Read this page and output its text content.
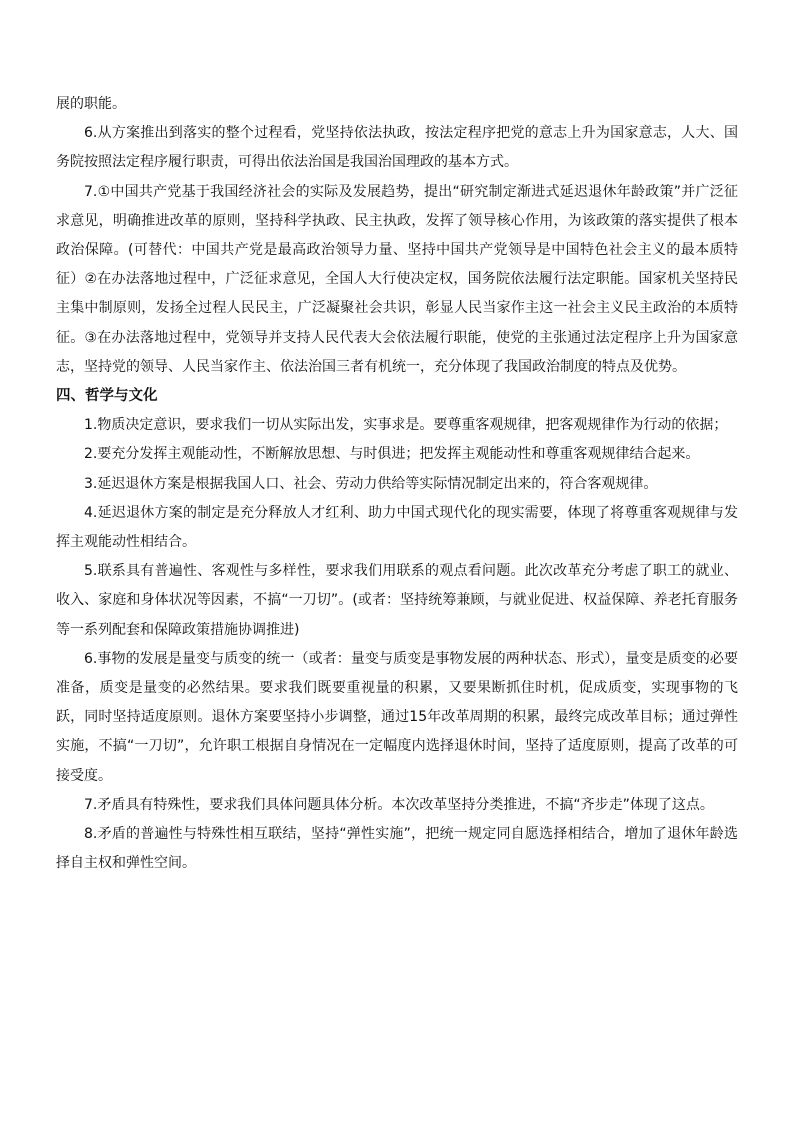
展的职能。

6.从方案推出到落实的整个过程看，党坚持依法执政，按法定程序把党的意志上升为国家意志，人大、国务院按照法定程序履行职责，可得出依法治国是我国治国理政的基本方式。

7.①中国共产党基于我国经济社会的实际及发展趋势，提出“研究制定渐进式延迟退休年龄政策”并广泛征求意见，明确推进改革的原则，坚持科学执政、民主执政，发挥了领导核心作用，为该政策的落实提供了根本政治保障。(可替代：中国共产党是最高政治领导力量、坚持中国共产党领导是中国特色社会主义的最本质特征）②在办法落地过程中，广泛征求意见，全国人大行使决定权，国务院依法履行法定职能。国家机关坚持民主集中制原则，发扬全过程人民民主，广泛凝聚社会共识，彰显人民当家作主这一社会主义民主政治的本质特征。③在办法落地过程中，党领导并支持人民代表大会依法履行职能，使党的主张通过法定程序上升为国家意志，坚持党的领导、人民当家作主、依法治国三者有机统一，充分体现了我国政治制度的特点及优势。

四、哲学与文化

1.物质决定意识，要求我们一切从实际出发，实事求是。要尊重客观规律，把客观规律作为行动的依据；

2.要充分发挥主观能动性，不断解放思想、与时俱进；把发挥主观能动性和尊重客观规律结合起来。

3.延迟退休方案是根据我国人口、社会、劳动力供给等实际情况制定出来的，符合客观规律。

4.延迟退休方案的制定是充分释放人才红利、助力中国式现代化的现实需要，体现了将尊重客观规律与发挥主观能动性相结合。

5.联系具有普遍性、客观性与多样性，要求我们用联系的观点看问题。此次改革充分考虑了职工的就业、收入、家庭和身体状况等因素，不搞“一刀切”。(或者：坚持统筹兼顾，与就业促进、权益保障、养老托育服务等一系列配套和保障政策措施协调推进)

6.事物的发展是量变与质变的统一（或者：量变与质变是事物发展的两种状态、形式），量变是质变的必要准备，质变是量变的必然结果。要求我们既要重视量的积累，又要果断抓住时机，促成质变，实现事物的飞跃，同时坚持适度原则。退休方案要坚持小步调整，通过15年改革周期的积累，最终完成改革目标；通过弹性实施，不搞“一刀切”，允许职工根据自身情况在一定幅度内选择退休时间，坚持了适度原则，提高了改革的可接受度。

7.矛盾具有特殊性，要求我们具体问题具体分析。本次改革坚持分类推进，不搞“齐步走”体现了这点。

8.矛盾的普遍性与特殊性相互联结，坚持“弹性实施”，把统一规定同自愿选择相结合，增加了退休年龄选择自主权和弹性空间。
